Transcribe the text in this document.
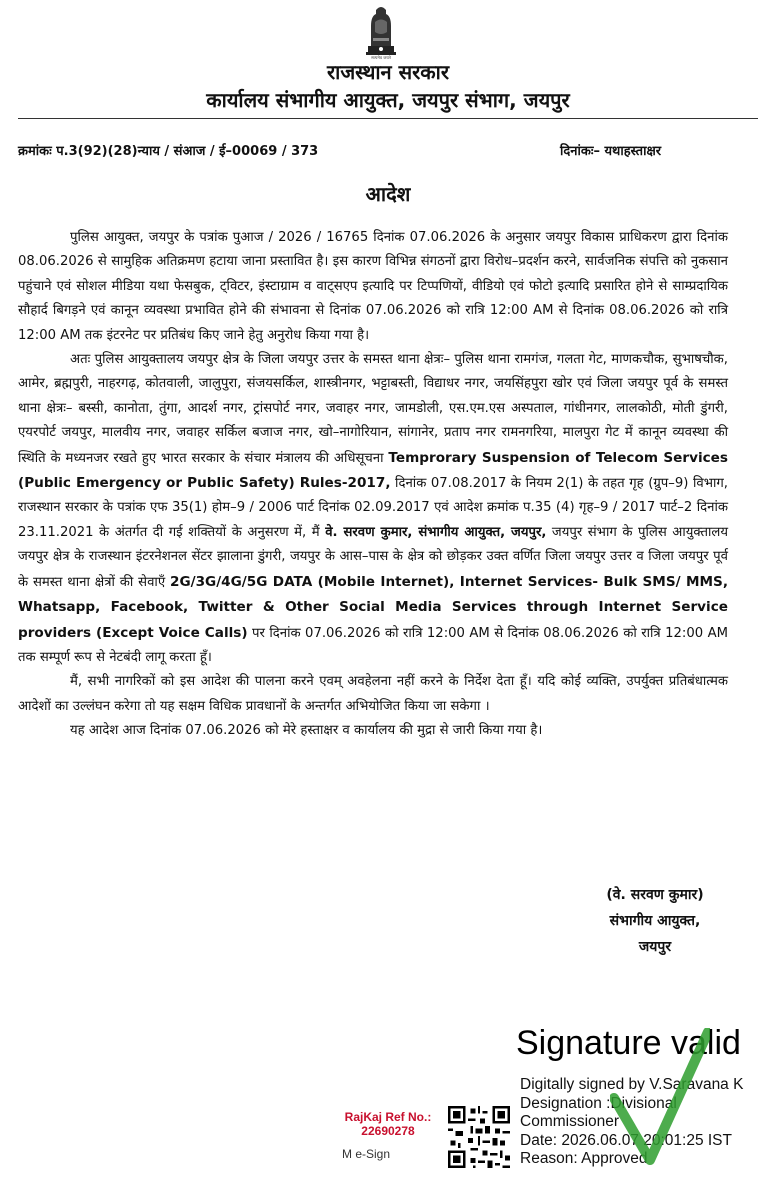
सत्यमेव जयते
राजस्थान सरकार
कार्यालय संभागीय आयुक्त, जयपुर संभाग, जयपुर
क्रमांकः प.3(92)(28)न्याय / संआज / ई–00069 / 373	दिनांकः– यथाहस्ताक्षर
आदेश

पुलिस आयुक्त, जयपुर के पत्रांक पुआज / 2026 / 16765 दिनांक 07.06.2026 के अनुसार जयपुर विकास प्राधिकरण द्वारा दिनांक 08.06.2026 से सामुहिक अतिक्रमण हटाया जाना प्रस्तावित है। इस कारण विभिन्न संगठनों द्वारा विरोध–प्रदर्शन करने, सार्वजनिक संपत्ति को नुकसान पहुंचाने एवं सोशल मीडिया यथा फेसबुक, ट्विटर, इंस्टाग्राम व वाट्सएप इत्यादि पर टिप्पणियों, वीडियो एवं फोटो इत्यादि प्रसारित होने से साम्प्रदायिक सौहार्द बिगड़ने एवं कानून व्यवस्था प्रभावित होने की संभावना से दिनांक 07.06.2026 को रात्रि 12:00 AM से दिनांक 08.06.2026 को रात्रि 12:00 AM तक इंटरनेट पर प्रतिबंध किए जाने हेतु अनुरोध किया गया है।

अतः पुलिस आयुक्तालय जयपुर क्षेत्र के जिला जयपुर उत्तर के समस्त थाना क्षेत्रः– पुलिस थाना रामगंज, गलता गेट, माणकचौक, सुभाषचौक, आमेर, ब्रह्मपुरी, नाहरगढ़, कोतवाली, जालुपुरा, संजयसर्किल, शास्त्रीनगर, भट्टाबस्ती, विद्याधर नगर, जयसिंहपुरा खोर एवं जिला जयपुर पूर्व के समस्त थाना क्षेत्रः– बस्सी, कानोता, तुंगा, आदर्श नगर, ट्रांसपोर्ट नगर, जवाहर नगर, जामडोली, एस.एम.एस अस्पताल, गांधीनगर, लालकोठी, मोती डुंगरी, एयरपोर्ट जयपुर, मालवीय नगर, जवाहर सर्किल बजाज नगर, खो–नागोरियान, सांगानेर, प्रताप नगर रामनगरिया, मालपुरा गेट में कानून व्यवस्था की स्थिति के मध्यनजर रखते हुए भारत सरकार के संचार मंत्रालय की अधिसूचना Temprorary Suspension of Telecom Services (Public Emergency or Public Safety) Rules-2017, दिनांक 07.08.2017 के नियम 2(1) के तहत गृह (ग्रुप–9) विभाग, राजस्थान सरकार के पत्रांक एफ 35(1) होम–9 / 2006 पार्ट दिनांक 02.09.2017 एवं आदेश क्रमांक प.35 (4) गृह–9 / 2017 पार्ट–2 दिनांक 23.11.2021 के अंतर्गत दी गई शक्तियों के अनुसरण में, मैं वे. सरवण कुमार, संभागीय आयुक्त, जयपुर, जयपुर संभाग के पुलिस आयुक्तालय जयपुर क्षेत्र के राजस्थान इंटरनेशनल सेंटर झालाना डुंगरी, जयपुर के आस–पास के क्षेत्र को छोड़कर उक्त वर्णित जिला जयपुर उत्तर व जिला जयपुर पूर्व के समस्त थाना क्षेत्रों की सेवाएँ 2G/3G/4G/5G DATA (Mobile Internet), Internet Services- Bulk SMS/ MMS, Whatsapp, Facebook, Twitter & Other Social Media Services through Internet Service providers (Except Voice Calls) पर दिनांक 07.06.2026 को रात्रि 12:00 AM से दिनांक 08.06.2026 को रात्रि 12:00 AM तक सम्पूर्ण रूप से नेटबंदी लागू करता हूँ।

मैं, सभी नागरिकों को इस आदेश की पालना करने एवम् अवहेलना नहीं करने के निर्देश देता हूँ। यदि कोई व्यक्ति, उपर्युक्त प्रतिबंधात्मक आदेशों का उल्लंघन करेगा तो यह सक्षम विधिक प्रावधानों के अन्तर्गत अभियोजित किया जा सकेगा ।

यह आदेश आज दिनांक 07.06.2026 को मेरे हस्ताक्षर व कार्यालय की मुद्रा से जारी किया गया है।

(वे. सरवण कुमार)
संभागीय आयुक्त,
जयपुर
Signature valid
Digitally signed by V.Saravana K
Designation :Divisional
Commissioner
Date: 2026.06.07 20:01:25 IST
Reason: Approved
RajKaj Ref No.:
22690278
M e-Sign
